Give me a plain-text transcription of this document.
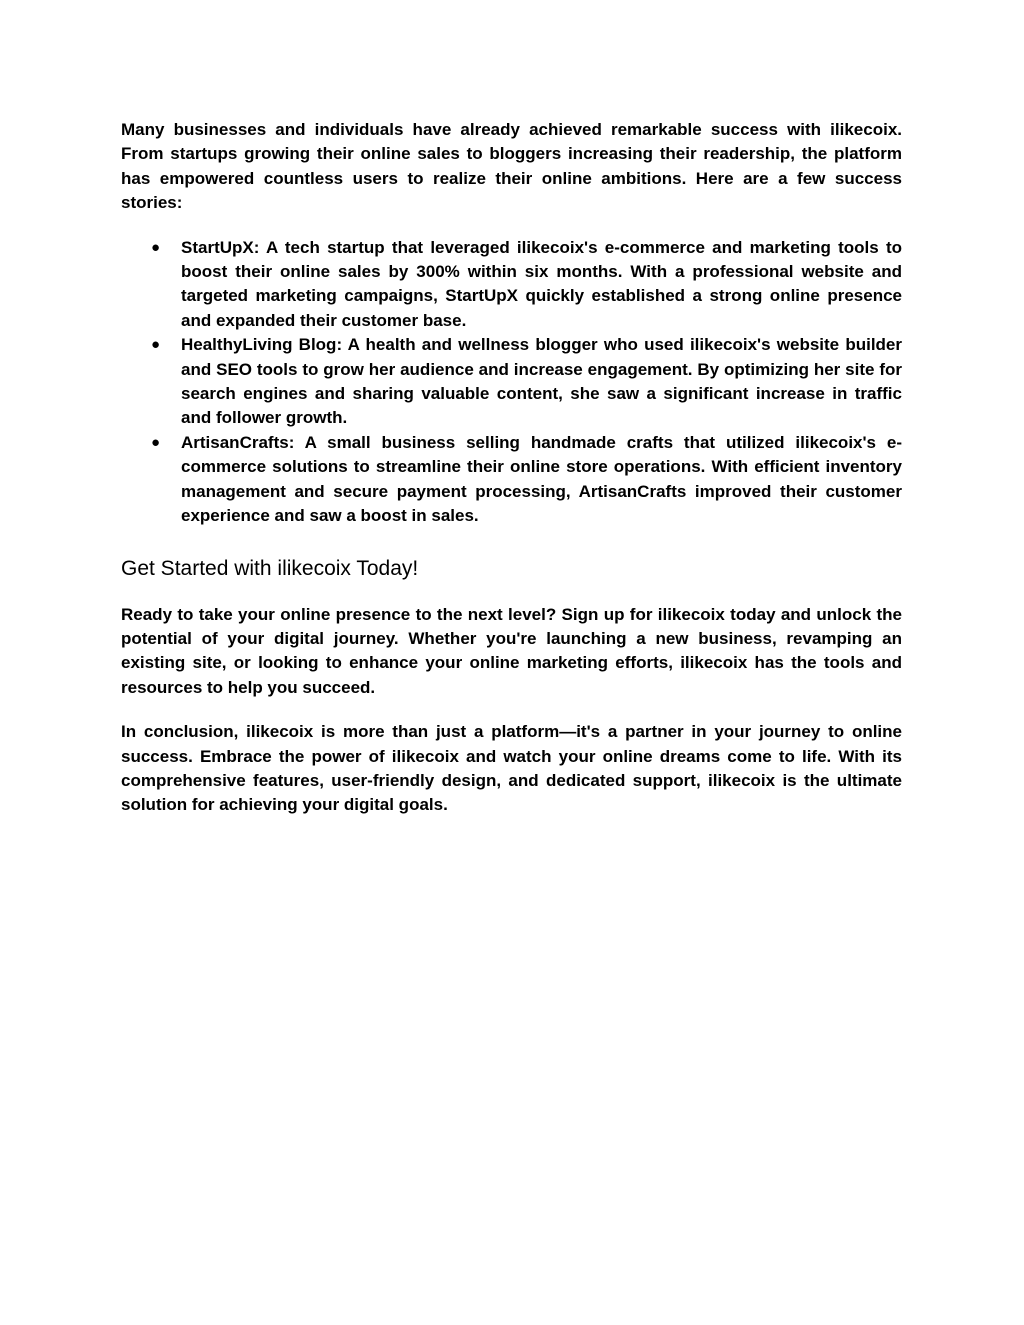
Many businesses and individuals have already achieved remarkable success with ilikecoix. From startups growing their online sales to bloggers increasing their readership, the platform has empowered countless users to realize their online ambitions. Here are a few success stories:

● StartUpX: A tech startup that leveraged ilikecoix's e-commerce and marketing tools to boost their online sales by 300% within six months. With a professional website and targeted marketing campaigns, StartUpX quickly established a strong online presence and expanded their customer base.
● HealthyLiving Blog: A health and wellness blogger who used ilikecoix's website builder and SEO tools to grow her audience and increase engagement. By optimizing her site for search engines and sharing valuable content, she saw a significant increase in traffic and follower growth.
● ArtisanCrafts: A small business selling handmade crafts that utilized ilikecoix's e-commerce solutions to streamline their online store operations. With efficient inventory management and secure payment processing, ArtisanCrafts improved their customer experience and saw a boost in sales.
Get Started with ilikecoix Today!

Ready to take your online presence to the next level? Sign up for ilikecoix today and unlock the potential of your digital journey. Whether you're launching a new business, revamping an existing site, or looking to enhance your online marketing efforts, ilikecoix has the tools and resources to help you succeed.

In conclusion, ilikecoix is more than just a platform—it's a partner in your journey to online success. Embrace the power of ilikecoix and watch your online dreams come to life. With its comprehensive features, user-friendly design, and dedicated support, ilikecoix is the ultimate solution for achieving your digital goals.
